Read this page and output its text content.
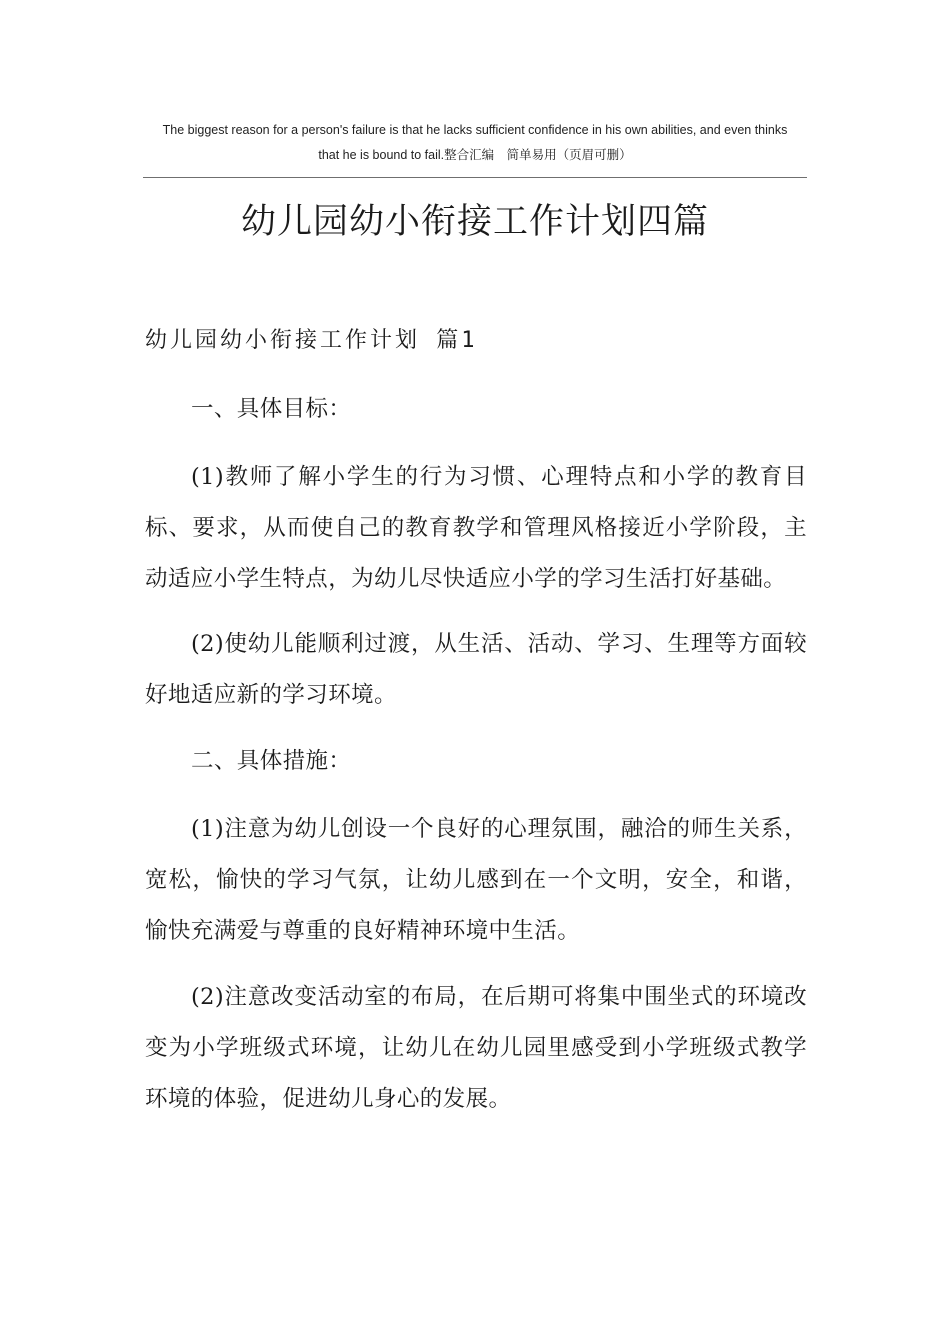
The biggest reason for a person's failure is that he lacks sufficient confidence in his own abilities, and even thinks
that he is bound to fail.整合汇编　简单易用（页眉可删）
幼儿园幼小衔接工作计划四篇
幼儿园幼小衔接工作计划 篇1
一、具体目标：

(1)教师了解小学生的行为习惯、心理特点和小学的教育目标、要求，从而使自己的教育教学和管理风格接近小学阶段，主动适应小学生特点，为幼儿尽快适应小学的学习生活打好基础。

(2)使幼儿能顺利过渡，从生活、活动、学习、生理等方面较好地适应新的学习环境。

二、具体措施：

(1)注意为幼儿创设一个良好的心理氛围，融洽的师生关系，宽松，愉快的学习气氛，让幼儿感到在一个文明，安全，和谐，愉快充满爱与尊重的良好精神环境中生活。

(2)注意改变活动室的布局，在后期可将集中围坐式的环境改变为小学班级式环境，让幼儿在幼儿园里感受到小学班级式教学环境的体验，促进幼儿身心的发展。
